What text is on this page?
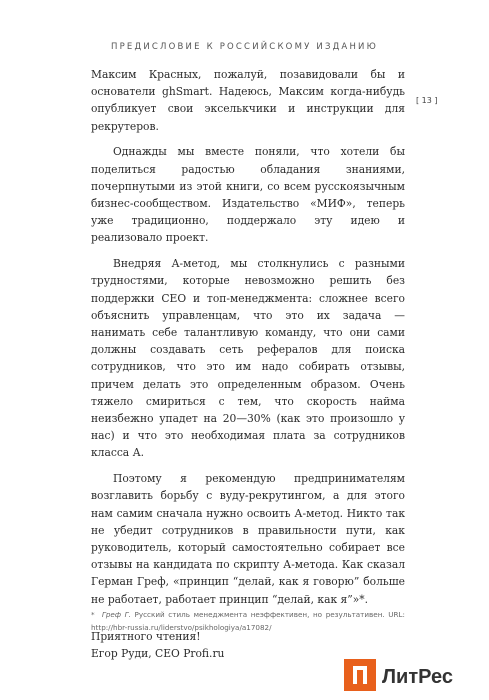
ПРЕДИСЛОВИЕ К РОССИЙСКОМУ ИЗДАНИЮ
[ 13 ]

Максим Красных, пожалуй, позавидовали бы и основатели ghSmart. Надеюсь, Максим когда-нибудь опубликует свои экселькчики и инструкции для рекрутеров.

Однажды мы вместе поняли, что хотели бы поделиться радостью обладания знаниями, почерпнутыми из этой книги, со всем русскоязычным бизнес-сообществом. Издательство «МИФ», теперь уже традиционно, поддержало эту идею и реализовало проект.

Внедряя А-метод, мы столкнулись с разными трудностями, которые невозможно решить без поддержки CEO и топ-менеджмента: сложнее всего объяснить управленцам, что это их задача — нанимать себе талантливую команду, что они сами должны создавать сеть рефералов для поиска сотрудников, что это им надо собирать отзывы, причем делать это определенным образом. Очень тяжело смириться с тем, что скорость найма неизбежно упадет на 20—30% (как это произошло у нас) и что это необходимая плата за сотрудников класса А.

Поэтому я рекомендую предпринимателям возглавить борьбу с вуду-рекрутингом, а для этого нам самим сначала нужно освоить А-метод. Никто так не убедит сотрудников в правильности пути, как руководитель, который самостоятельно собирает все отзывы на кандидата по скрипту А-метода. Как сказал Герман Греф, «принцип “делай, как я говорю” больше не работает, работает принцип “делай, как я”»*.

Приятного чтения!
Егор Руди, CEO Profi.ru

* Греф Г. Русский стиль менеджмента неэффективен, но результативен. URL: http://hbr-russia.ru/liderstvo/psikhologiya/a17082/
ЛитРес
